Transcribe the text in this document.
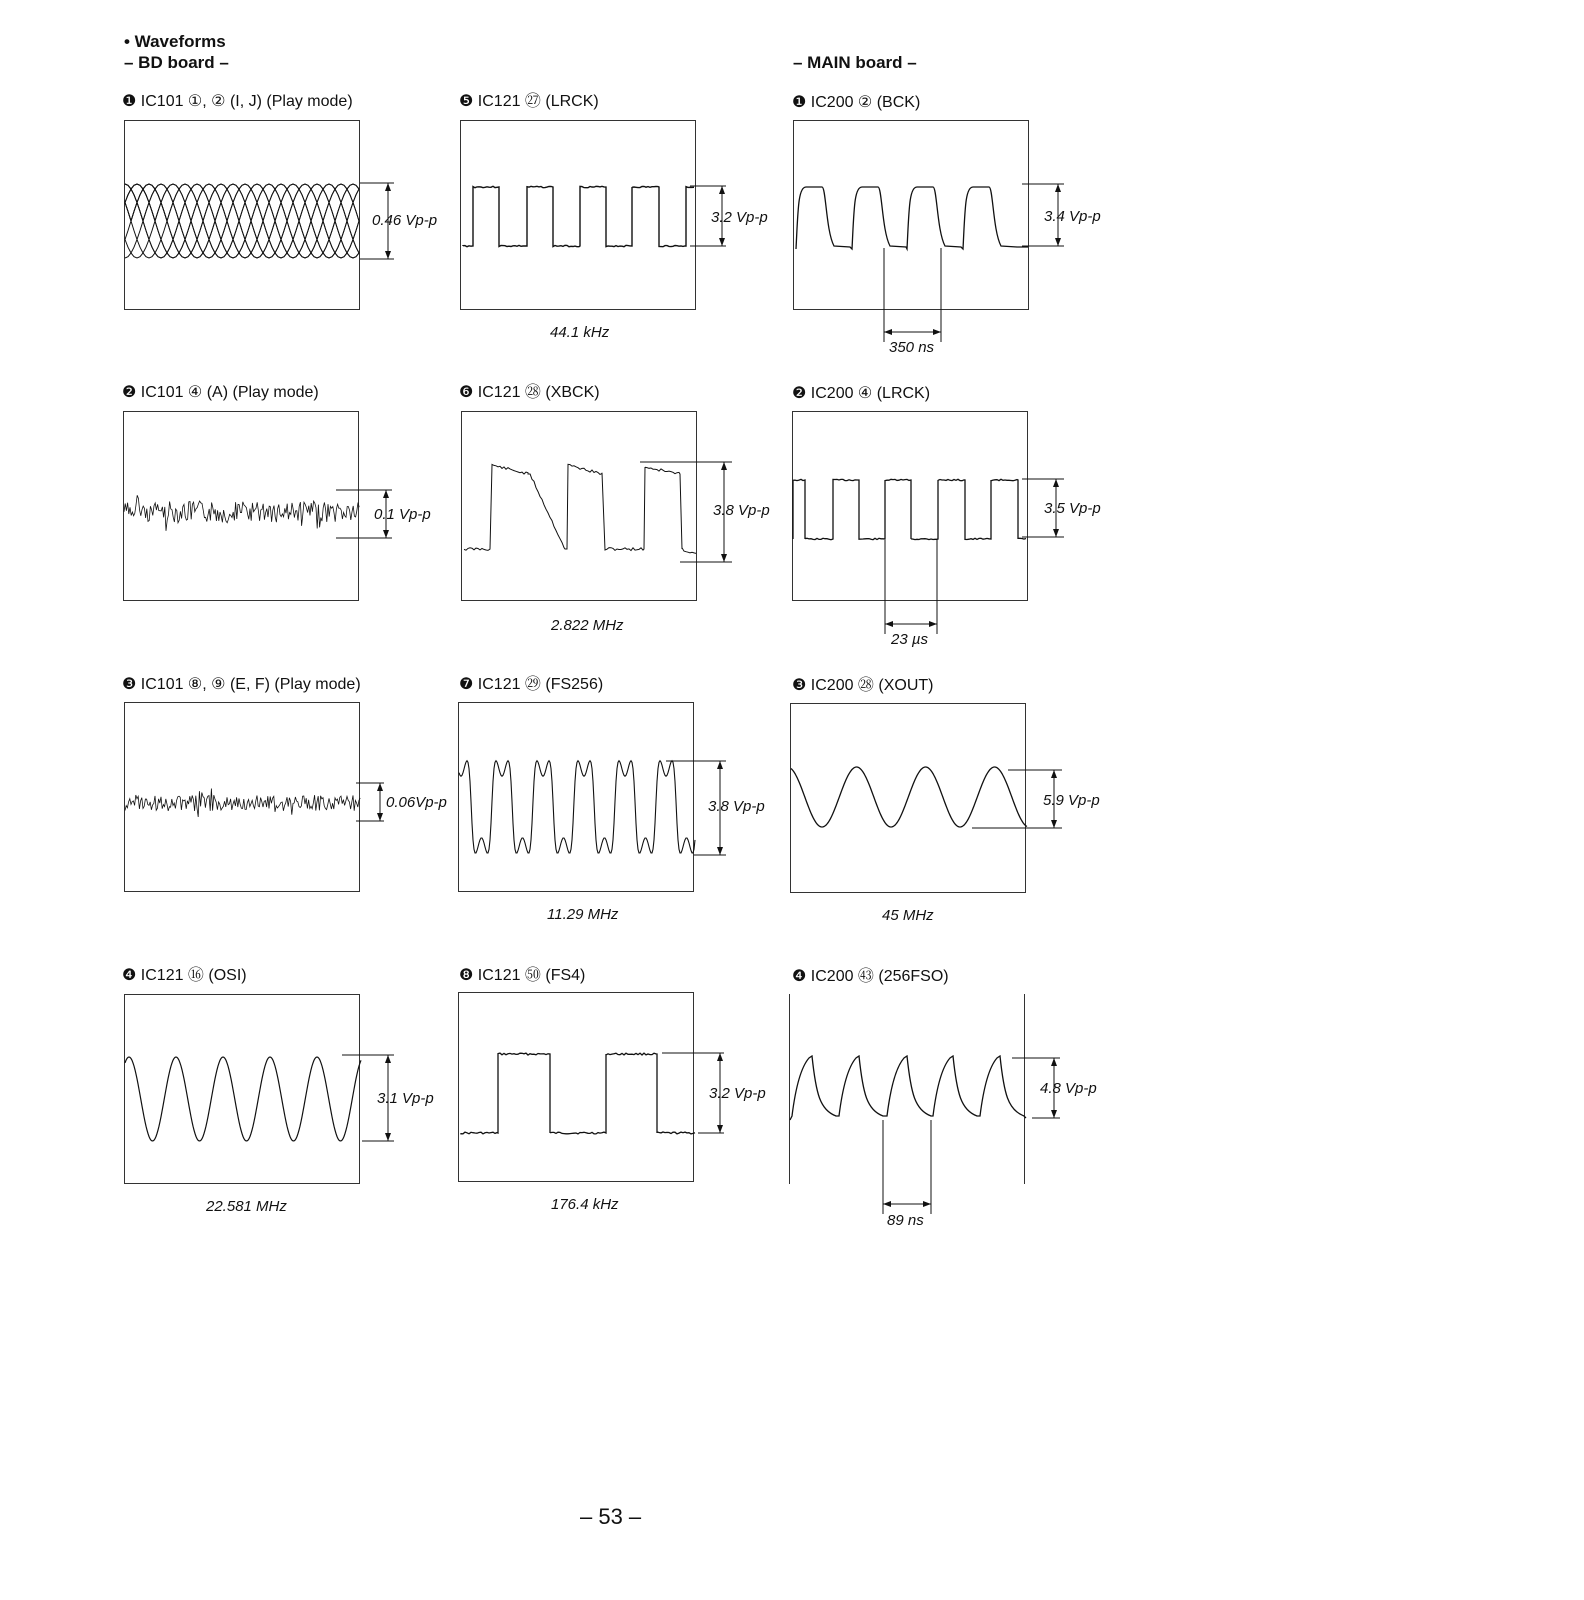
• Waveforms
– BD board –	– MAIN board –
❶ IC101 ①, ② (I, J) (Play mode)
0.46 Vp-p
❷ IC101 ④ (A) (Play mode)
0.1 Vp-p
❸ IC101 ⑧, ⑨ (E, F) (Play mode)
0.06Vp-p
❹ IC121 ⑯ (OSI)
3.1 Vp-p
22.581 MHz
❺ IC121 ㉗ (LRCK)
3.2 Vp-p
44.1 kHz
❻ IC121 ㉘ (XBCK)
3.8 Vp-p
2.822 MHz
❼ IC121 ㉙ (FS256)
3.8 Vp-p
11.29 MHz
❽ IC121 ㊿ (FS4)
3.2 Vp-p
176.4 kHz
❶ IC200 ② (BCK)
3.4 Vp-p
350 ns
❷ IC200 ④ (LRCK)
3.5 Vp-p
23 µs
❸ IC200 ㉘ (XOUT)
5.9 Vp-p
45 MHz
❹ IC200 ㊸ (256FSO)
4.8 Vp-p
89 ns
– 53 –
